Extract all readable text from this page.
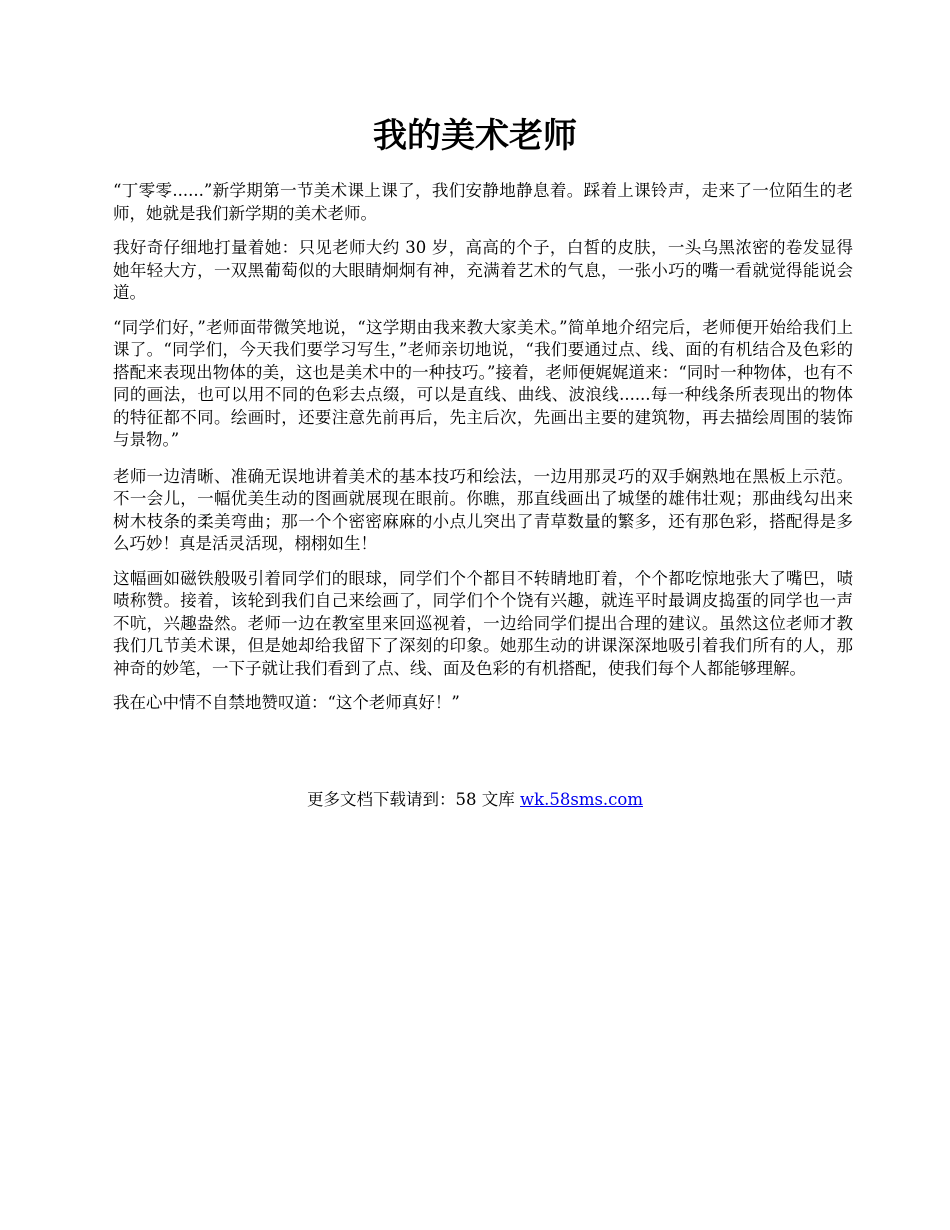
我的美术老师

“丁零零......”新学期第一节美术课上课了，我们安静地静息着。踩着上课铃声，走来了一位陌生的老师，她就是我们新学期的美术老师。

我好奇仔细地打量着她：只见老师大约 30 岁，高高的个子，白皙的皮肤，一头乌黑浓密的卷发显得她年轻大方，一双黑葡萄似的大眼睛炯炯有神，充满着艺术的气息，一张小巧的嘴一看就觉得能说会道。

“同学们好，”老师面带微笑地说，“这学期由我来教大家美术。”简单地介绍完后，老师便开始给我们上课了。“同学们，今天我们要学习写生，”老师亲切地说，“我们要通过点、线、面的有机结合及色彩的搭配来表现出物体的美，这也是美术中的一种技巧。”接着，老师便娓娓道来：“同时一种物体，也有不同的画法，也可以用不同的色彩去点缀，可以是直线、曲线、波浪线......每一种线条所表现出的物体的特征都不同。绘画时，还要注意先前再后，先主后次，先画出主要的建筑物，再去描绘周围的装饰与景物。”

老师一边清晰、准确无误地讲着美术的基本技巧和绘法，一边用那灵巧的双手娴熟地在黑板上示范。不一会儿，一幅优美生动的图画就展现在眼前。你瞧，那直线画出了城堡的雄伟壮观；那曲线勾出来树木枝条的柔美弯曲；那一个个密密麻麻的小点儿突出了青草数量的繁多，还有那色彩，搭配得是多么巧妙！真是活灵活现，栩栩如生！

这幅画如磁铁般吸引着同学们的眼球，同学们个个都目不转睛地盯着，个个都吃惊地张大了嘴巴，啧啧称赞。接着，该轮到我们自己来绘画了，同学们个个饶有兴趣，就连平时最调皮捣蛋的同学也一声不吭，兴趣盎然。老师一边在教室里来回巡视着，一边给同学们提出合理的建议。虽然这位老师才教我们几节美术课，但是她却给我留下了深刻的印象。她那生动的讲课深深地吸引着我们所有的人，那神奇的妙笔，一下子就让我们看到了点、线、面及色彩的有机搭配，使我们每个人都能够理解。

我在心中情不自禁地赞叹道：“这个老师真好！”

更多文档下载请到：58 文库 wk.58sms.com
